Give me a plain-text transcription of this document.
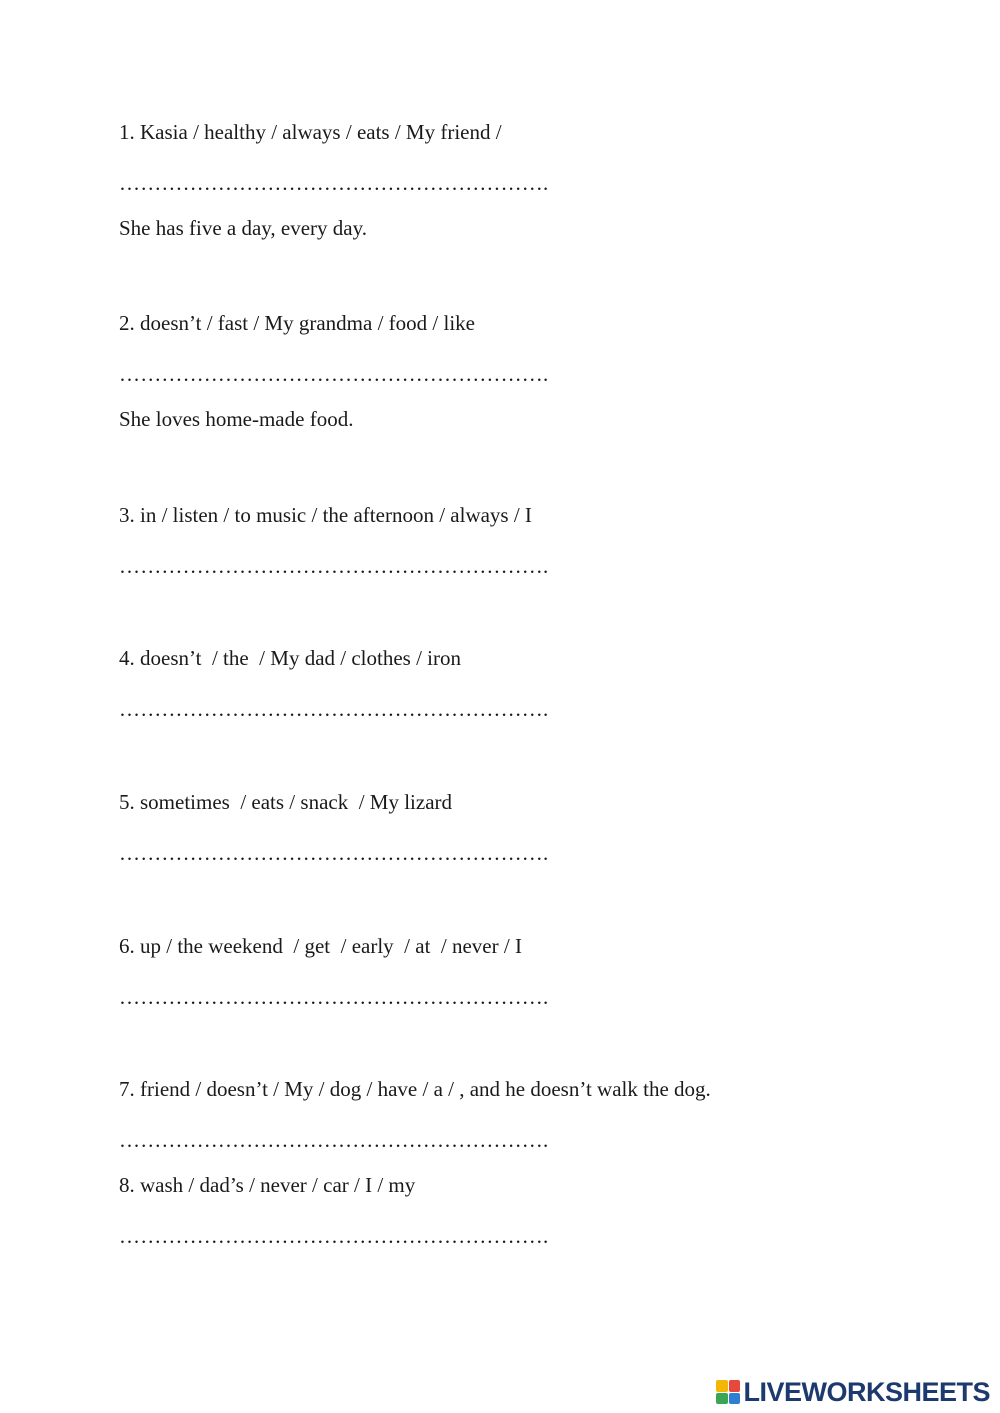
1. Kasia / healthy / always / eats / My friend /
…………………………………………………….
She has five a day, every day.
2. doesn’t / fast / My grandma / food / like
…………………………………………………….
She loves home-made food.
3. in / listen / to music / the afternoon / always / I
…………………………………………………….
4. doesn’t  / the  / My dad / clothes / iron
…………………………………………………….
5. sometimes  / eats / snack  / My lizard
…………………………………………………….
6. up / the weekend  / get  / early  / at  / never / I
…………………………………………………….
7. friend / doesn’t / My / dog / have / a / , and he doesn’t walk the dog.
…………………………………………………….
8. wash / dad’s / never / car / I / my
…………………………………………………….
LIVEWORKSHEETS
